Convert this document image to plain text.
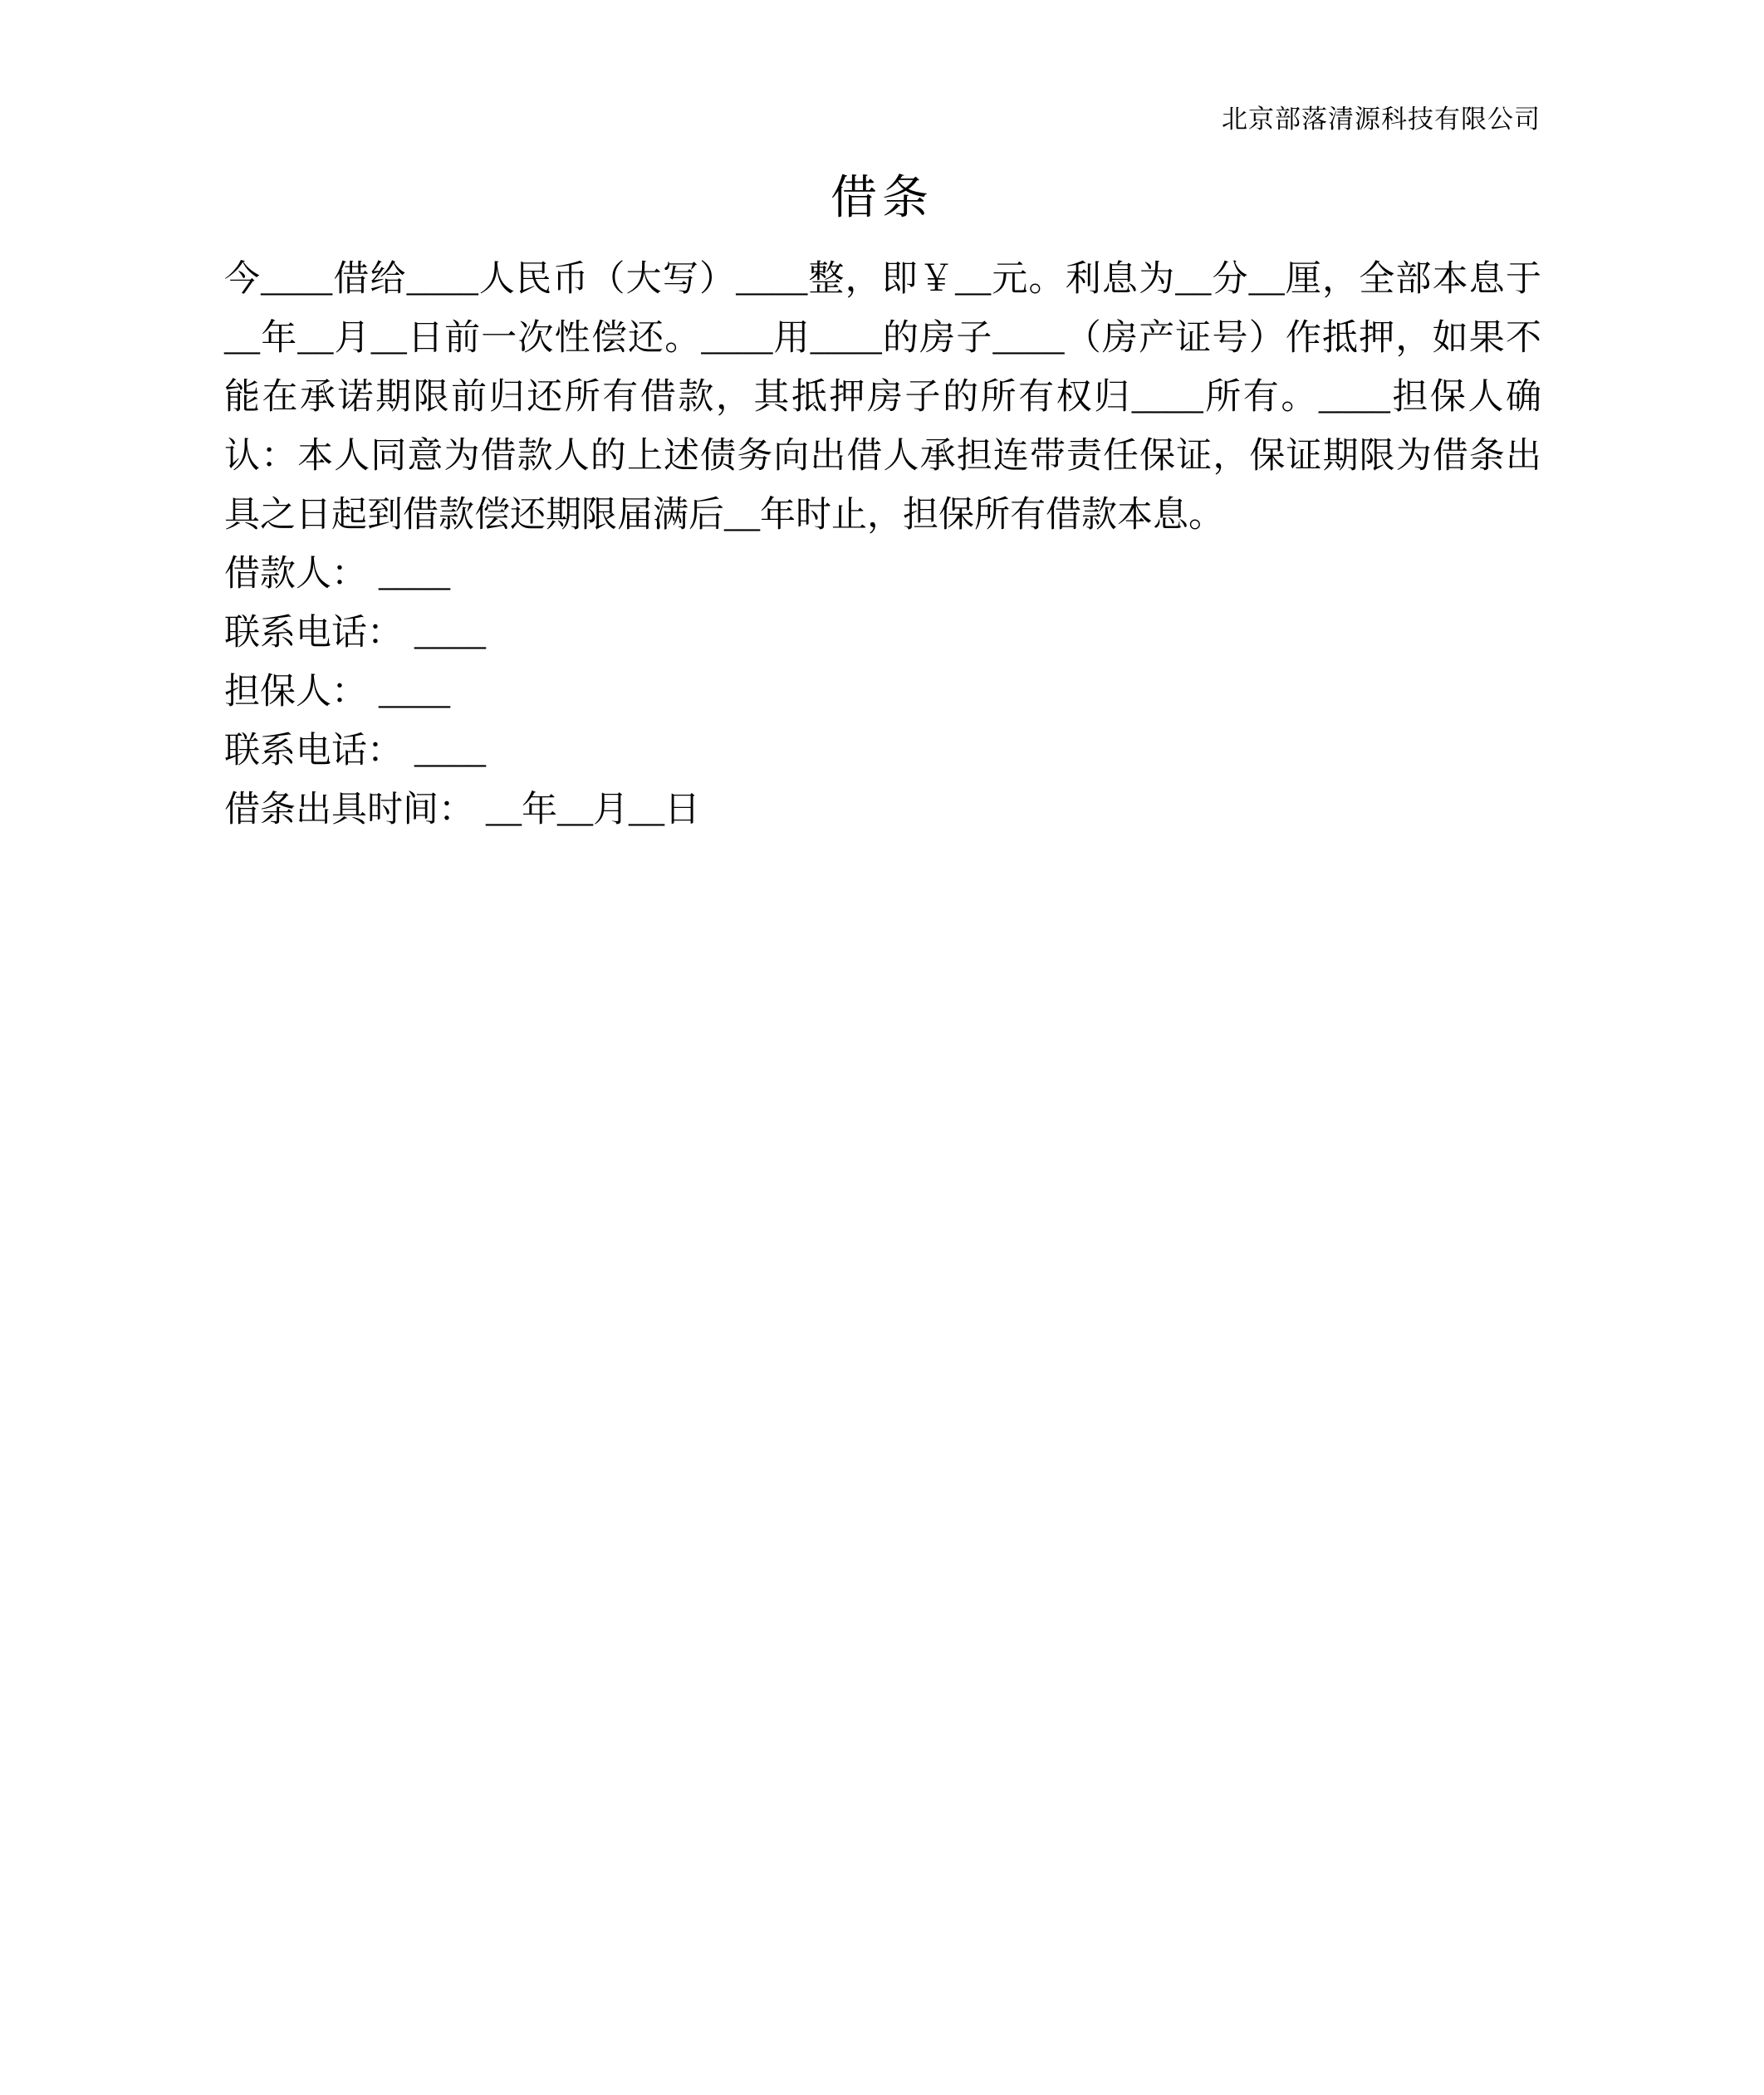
北京部落清源科技有限公司
借条

今____借给____人民币（大写）____整，即￥__元。利息为__分__厘，全部本息于__年__月__日前一次性偿还。____用____的房子____（房产证号）作抵押，如果不能在承诺期限前归还所有借款，其抵押房子的所有权归____所有。____担保人确认：本人同意为借款人的上述债务向出借人承担连带责任保证，保证期限为借条出具之日起到借款偿还期限届满后__年时止，担保所有借款本息。

借款人： ____
联系电话： ____
担保人： ____
联系电话： ____
借条出具时间： __年__月__日
